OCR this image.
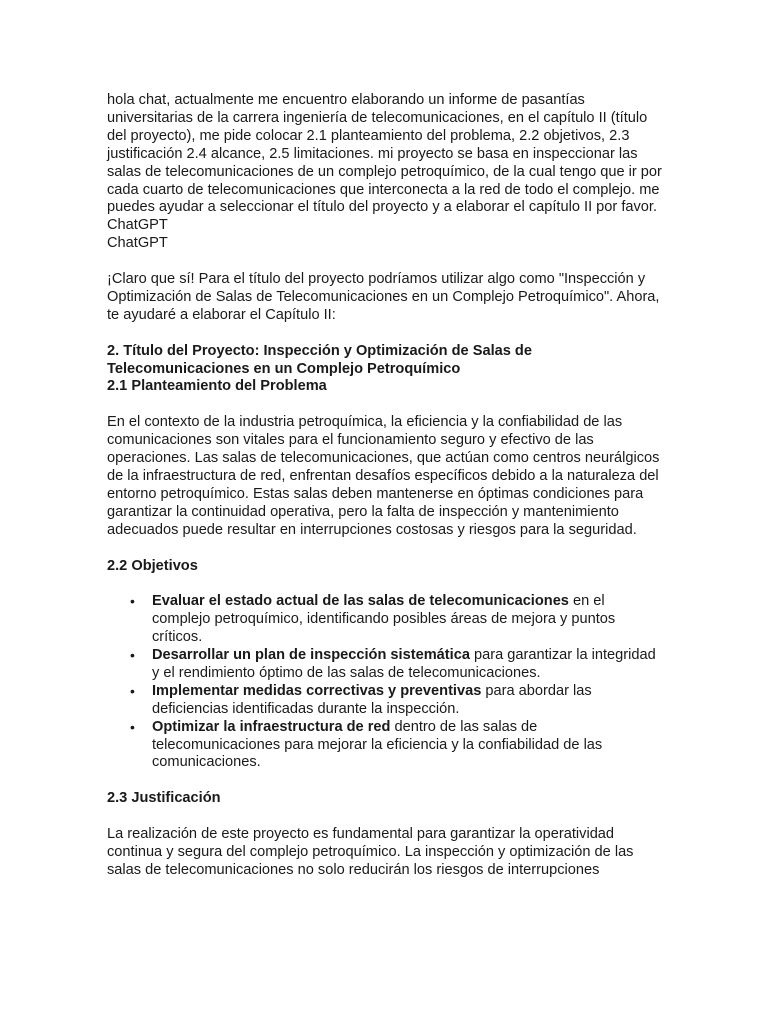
hola chat, actualmente me encuentro elaborando un informe de pasantías universitarias de la carrera ingeniería de telecomunicaciones, en el capítulo II (título del proyecto), me pide colocar 2.1 planteamiento del problema, 2.2 objetivos, 2.3 justificación 2.4 alcance, 2.5 limitaciones. mi proyecto se basa en inspeccionar las salas de telecomunicaciones de un complejo petroquímico, de la cual tengo que ir por cada cuarto de telecomunicaciones que interconecta a la red de todo el complejo. me puedes ayudar a seleccionar el título del proyecto y a elaborar el capítulo II por favor.

ChatGPT

ChatGPT

¡Claro que sí! Para el título del proyecto podríamos utilizar algo como "Inspección y Optimización de Salas de Telecomunicaciones en un Complejo Petroquímico". Ahora, te ayudaré a elaborar el Capítulo II:

2. Título del Proyecto: Inspección y Optimización de Salas de Telecomunicaciones en un Complejo Petroquímico

2.1 Planteamiento del Problema

En el contexto de la industria petroquímica, la eficiencia y la confiabilidad de las comunicaciones son vitales para el funcionamiento seguro y efectivo de las operaciones. Las salas de telecomunicaciones, que actúan como centros neurálgicos de la infraestructura de red, enfrentan desafíos específicos debido a la naturaleza del entorno petroquímico. Estas salas deben mantenerse en óptimas condiciones para garantizar la continuidad operativa, pero la falta de inspección y mantenimiento adecuados puede resultar en interrupciones costosas y riesgos para la seguridad.

2.2 Objetivos

• Evaluar el estado actual de las salas de telecomunicaciones en el complejo petroquímico, identificando posibles áreas de mejora y puntos críticos.
• Desarrollar un plan de inspección sistemática para garantizar la integridad y el rendimiento óptimo de las salas de telecomunicaciones.
• Implementar medidas correctivas y preventivas para abordar las deficiencias identificadas durante la inspección.
• Optimizar la infraestructura de red dentro de las salas de telecomunicaciones para mejorar la eficiencia y la confiabilidad de las comunicaciones.

2.3 Justificación

La realización de este proyecto es fundamental para garantizar la operatividad continua y segura del complejo petroquímico. La inspección y optimización de las salas de telecomunicaciones no solo reducirán los riesgos de interrupciones
